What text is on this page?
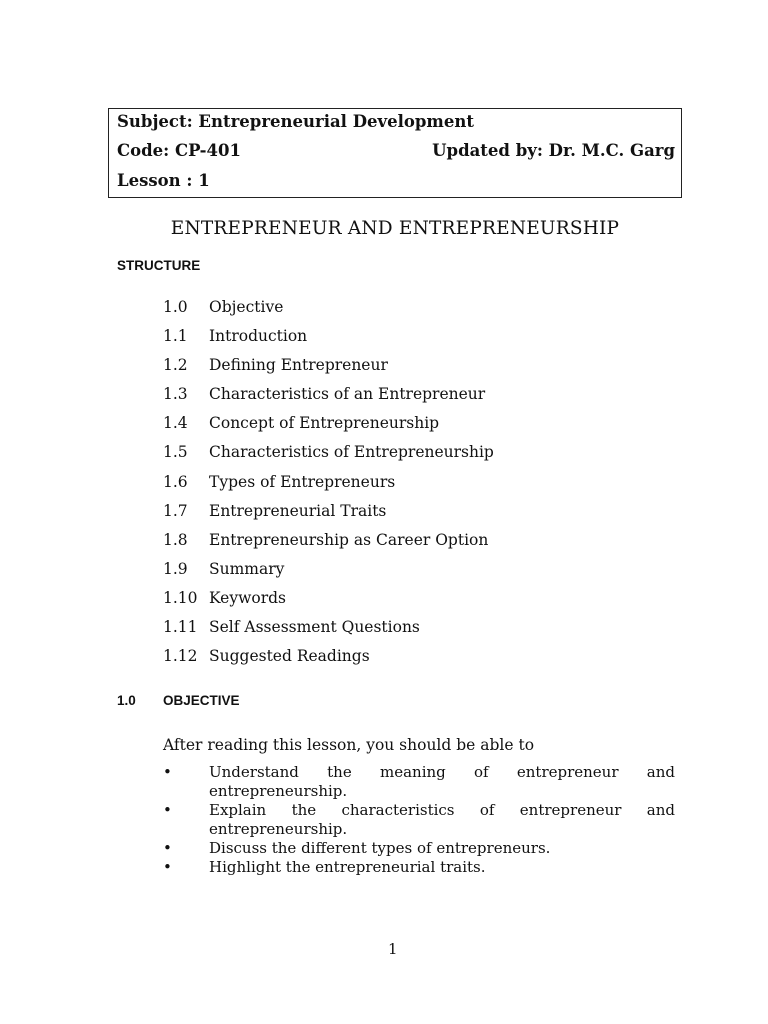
Subject: Entrepreneurial Development
Code: CP-401	Updated by: Dr. M.C. Garg
Lesson : 1
ENTREPRENEUR AND ENTREPRENEURSHIP
STRUCTURE
1.0	Objective
1.1	Introduction
1.2	Defining Entrepreneur
1.3	Characteristics of an Entrepreneur
1.4	Concept of Entrepreneurship
1.5	Characteristics of Entrepreneurship
1.6	Types of Entrepreneurs
1.7	Entrepreneurial Traits
1.8	Entrepreneurship as Career Option
1.9	Summary
1.10 Keywords
1.11 Self Assessment Questions
1.12 Suggested Readings
1.0 OBJECTIVE
After reading this lesson, you should be able to
•	Understand the meaning of entrepreneur and entrepreneurship.
•	Explain the characteristics of entrepreneur and entrepreneurship.
•	Discuss the different types of entrepreneurs.
•	Highlight the entrepreneurial traits.
1
